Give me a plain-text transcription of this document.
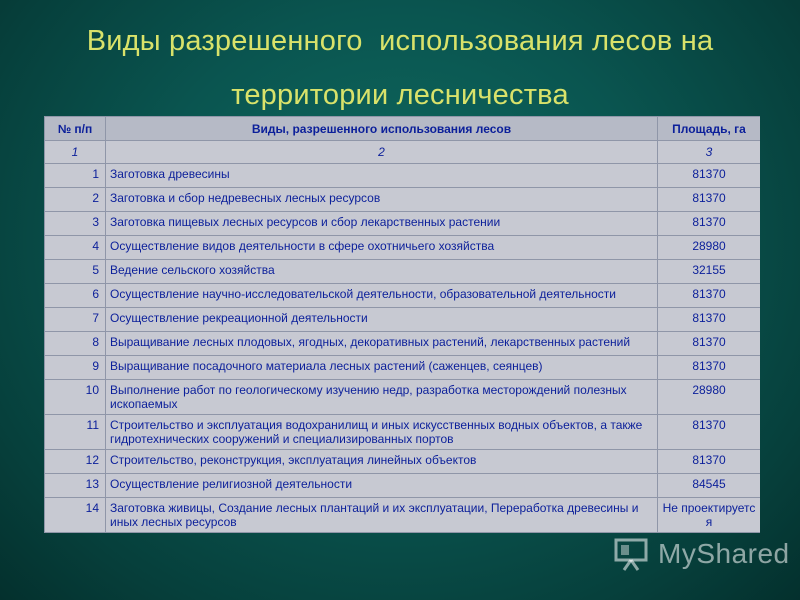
Виды разрешенного  использования лесов на
территории лесничества
№ п/п	Виды, разрешенного использования лесов	Площадь, га
1	2	3
1	Заготовка древесины	81370
2	Заготовка и сбор недревесных лесных ресурсов	81370
3	Заготовка пищевых лесных ресурсов и сбор лекарственных растении	81370
4	Осуществление видов деятельности в сфере охотничьего хозяйства	28980
5	Ведение сельского хозяйства	32155
6	Осуществление научно-исследовательской деятельности, образовательной деятельности	81370
7	Осуществление рекреационной деятельности	81370
8	Выращивание лесных плодовых, ягодных, декоративных растений, лекарственных растений	81370
9	Выращивание посадочного материала лесных растений (саженцев, сеянцев)	81370
10	Выполнение работ по геологическому изучению недр, разработка месторождений полезных ископаемых	28980
11	Строительство и эксплуатация водохранилищ и иных искусственных водных объектов, а также гидротехнических сооружений и специализированных портов	81370
12	Строительство, реконструкция, эксплуатация линейных объектов	81370
13	Осуществление религиозной деятельности	84545
14	Заготовка живицы, Создание лесных плантаций и их эксплуатации, Переработка древесины и иных лесных ресурсов	Не проектируетс я
MyShared
